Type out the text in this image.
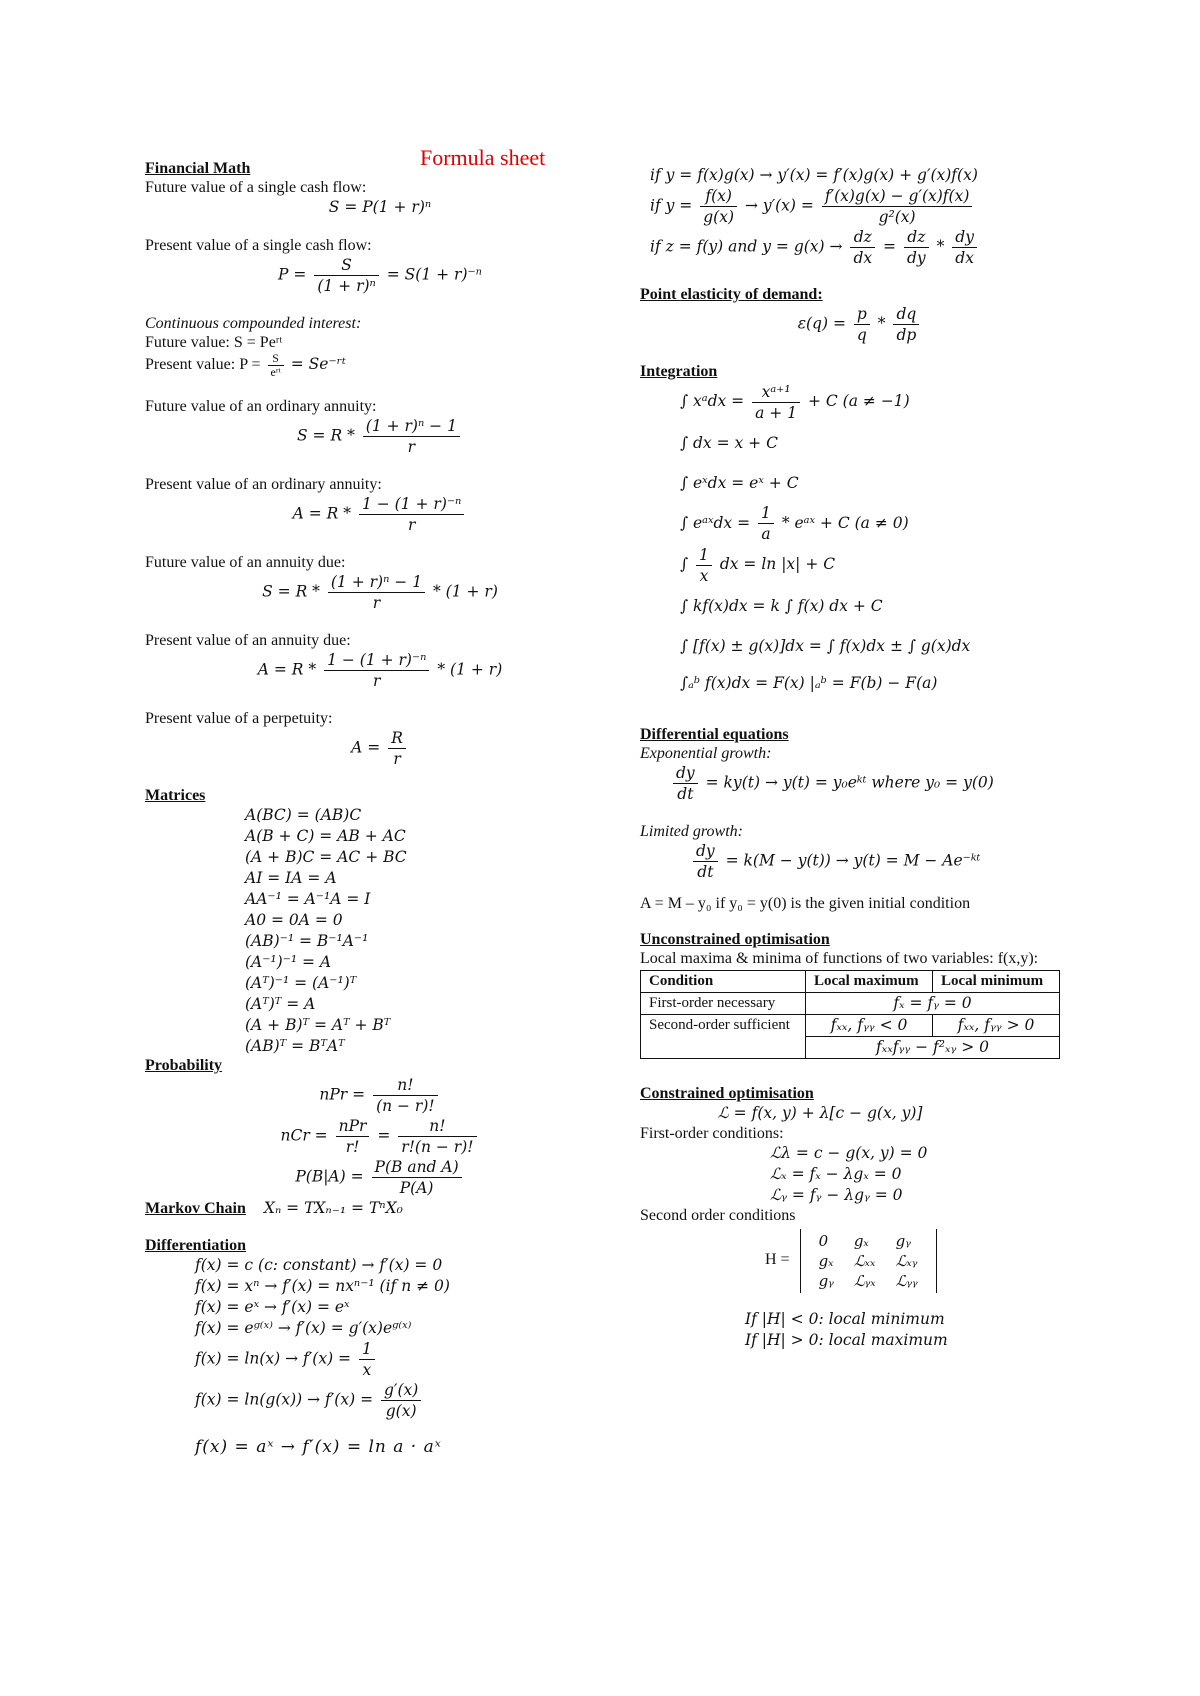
Formula sheet

Financial Math

Future value of a single cash flow:

S = P(1 + r)ⁿ

Present value of a single cash flow:

$P = \frac{S}{\text{(1 + r)ⁿ}} = S(1 + r)^{-n}$

Continuous compounded interest:

Future value: S = Peʳᵗ

Present value: $P = \frac{S}{\text{eʳᵗ}}$ = Se⁻ʳᵗ

Future value of an ordinary annuity:

$S = R * \frac{\text{(1 + r)ⁿ − 1}}{r}$

Present value of an ordinary annuity:

$A = R * \frac{\text{1 − (1 + r)⁻ⁿ}}{r}$

Future value of an annuity due:

$S = R * \frac{\text{(1 + r)ⁿ − 1}}{r} * (1 + r)$

Present value of an annuity due:

$A = R * \frac{\text{1 − (1 + r)⁻ⁿ}}{r} * (1 + r)$

Present value of a perpetuity:

$A = \frac{R}{r}$

Matrices

A(BC) = (AB)C
A(B + C) = AB + AC
(A + B)C = AC + BC
AI = IA = A
AA⁻¹ = A⁻¹A = I
A0 = 0A = 0
(AB)⁻¹ = B⁻¹A⁻¹
(A⁻¹)⁻¹ = A
(Aᵀ)⁻¹ = (A⁻¹)ᵀ
(Aᵀ)ᵀ = A
(A + B)ᵀ = Aᵀ + Bᵀ
(AB)ᵀ = BᵀAᵀ

Probability

nPr = $\frac{n!}{(n - r)!}$
nCr = $\frac{\text{nPr}}{r!} = \frac{n!}{r!(n - r)!}$
$P(B|A) = \frac{\text{P(B and A)}}{P(A)}$

Markov Chain Xₙ = TXₙ₋₁ = TⁿX₀

Differentiation

f(x) = c (c: constant) → f′(x) = 0
f(x) = xⁿ → f′(x) = nxⁿ⁻¹ (if n ≠ 0)
f(x) = eˣ → f′(x) = eˣ
f(x) = eᵍ⁽ˣ⁾ → f′(x) = g′(x)eᵍ⁽ˣ⁾
$f(x) = \ln(x) \to f'(x) = \frac{1}{x}$
$f(x) = \ln(g(x)) \to f'(x) = \frac{g'(x)}{g(x)}$
f(x) = aˣ → f′(x) = ln a · aˣ
if y = f(x)g(x) → y′(x) = f′(x)g(x) + g′(x)f(x)
if $y = \frac{f(x)}{g(x)} \to y'(x) = \frac{f'(x)g(x) - g'(x)f(x)}{\text{g²(x)}}$
if z = f(y) and $y = g(x) \to \frac{dz}{dx} = \frac{dz}{dy} * \frac{dy}{dx}$

Point elasticity of demand:

$\varepsilon(q) = \frac{p}{q} * \frac{dq}{dp}$

Integration

∫ xᵃdx = $\frac{\text{xᵃ⁺¹}}{a + 1} + C$ (a ≠ −1)
∫ dx = x + C
∫ eˣdx = eˣ + C
∫ eᵃˣdx = $\frac{1}{a}$ * eᵃˣ + C (a ≠ 0)
∫ $\frac{1}{x}$ dx = ln |x| + C
∫ kf(x)dx = k ∫ f(x) dx + C
∫ [f(x) ± g(x)]dx = ∫ f(x)dx ± ∫ g(x)dx
∫ₐᵇ f(x)dx = F(x) |ₐᵇ = F(b) − F(a)

Differential equations

Exponential growth:

$\frac{dy}{dt} = ky(t) \to y(t)$ = y₀eᵏᵗ where y₀ = y(0)

Limited growth:

$\frac{dy}{dt} = k(M - y(t)) \to y(t) = M$ − Ae⁻ᵏᵗ

A = M – y₀ if y₀ = y(0) is the given initial condition

Unconstrained optimisation

Local maxima & minima of functions of two variables: f(x,y):

Condition	Local maximum	Local minimum
First-order necessary	fₓ = fᵧ = 0	
Second-order sufficient	fₓₓ, fᵧᵧ < 0	fₓₓ, fᵧᵧ > 0
	fₓₓfᵧᵧ − f²ₓᵧ > 0	

Constrained optimisation

ℒ = f(x, y) + λ[c − g(x, y)]

First-order conditions:

ℒλ = c − g(x, y) = 0
ℒₓ = fₓ − λgₓ = 0
ℒᵧ = fᵧ − λgᵧ = 0

Second order conditions

H =
0	gₓ	gᵧ
gₓ	ℒₓₓ	ℒₓᵧ
gᵧ	ℒᵧₓ	ℒᵧᵧ
If |H| < 0: local minimum
If |H| > 0: local maximum
